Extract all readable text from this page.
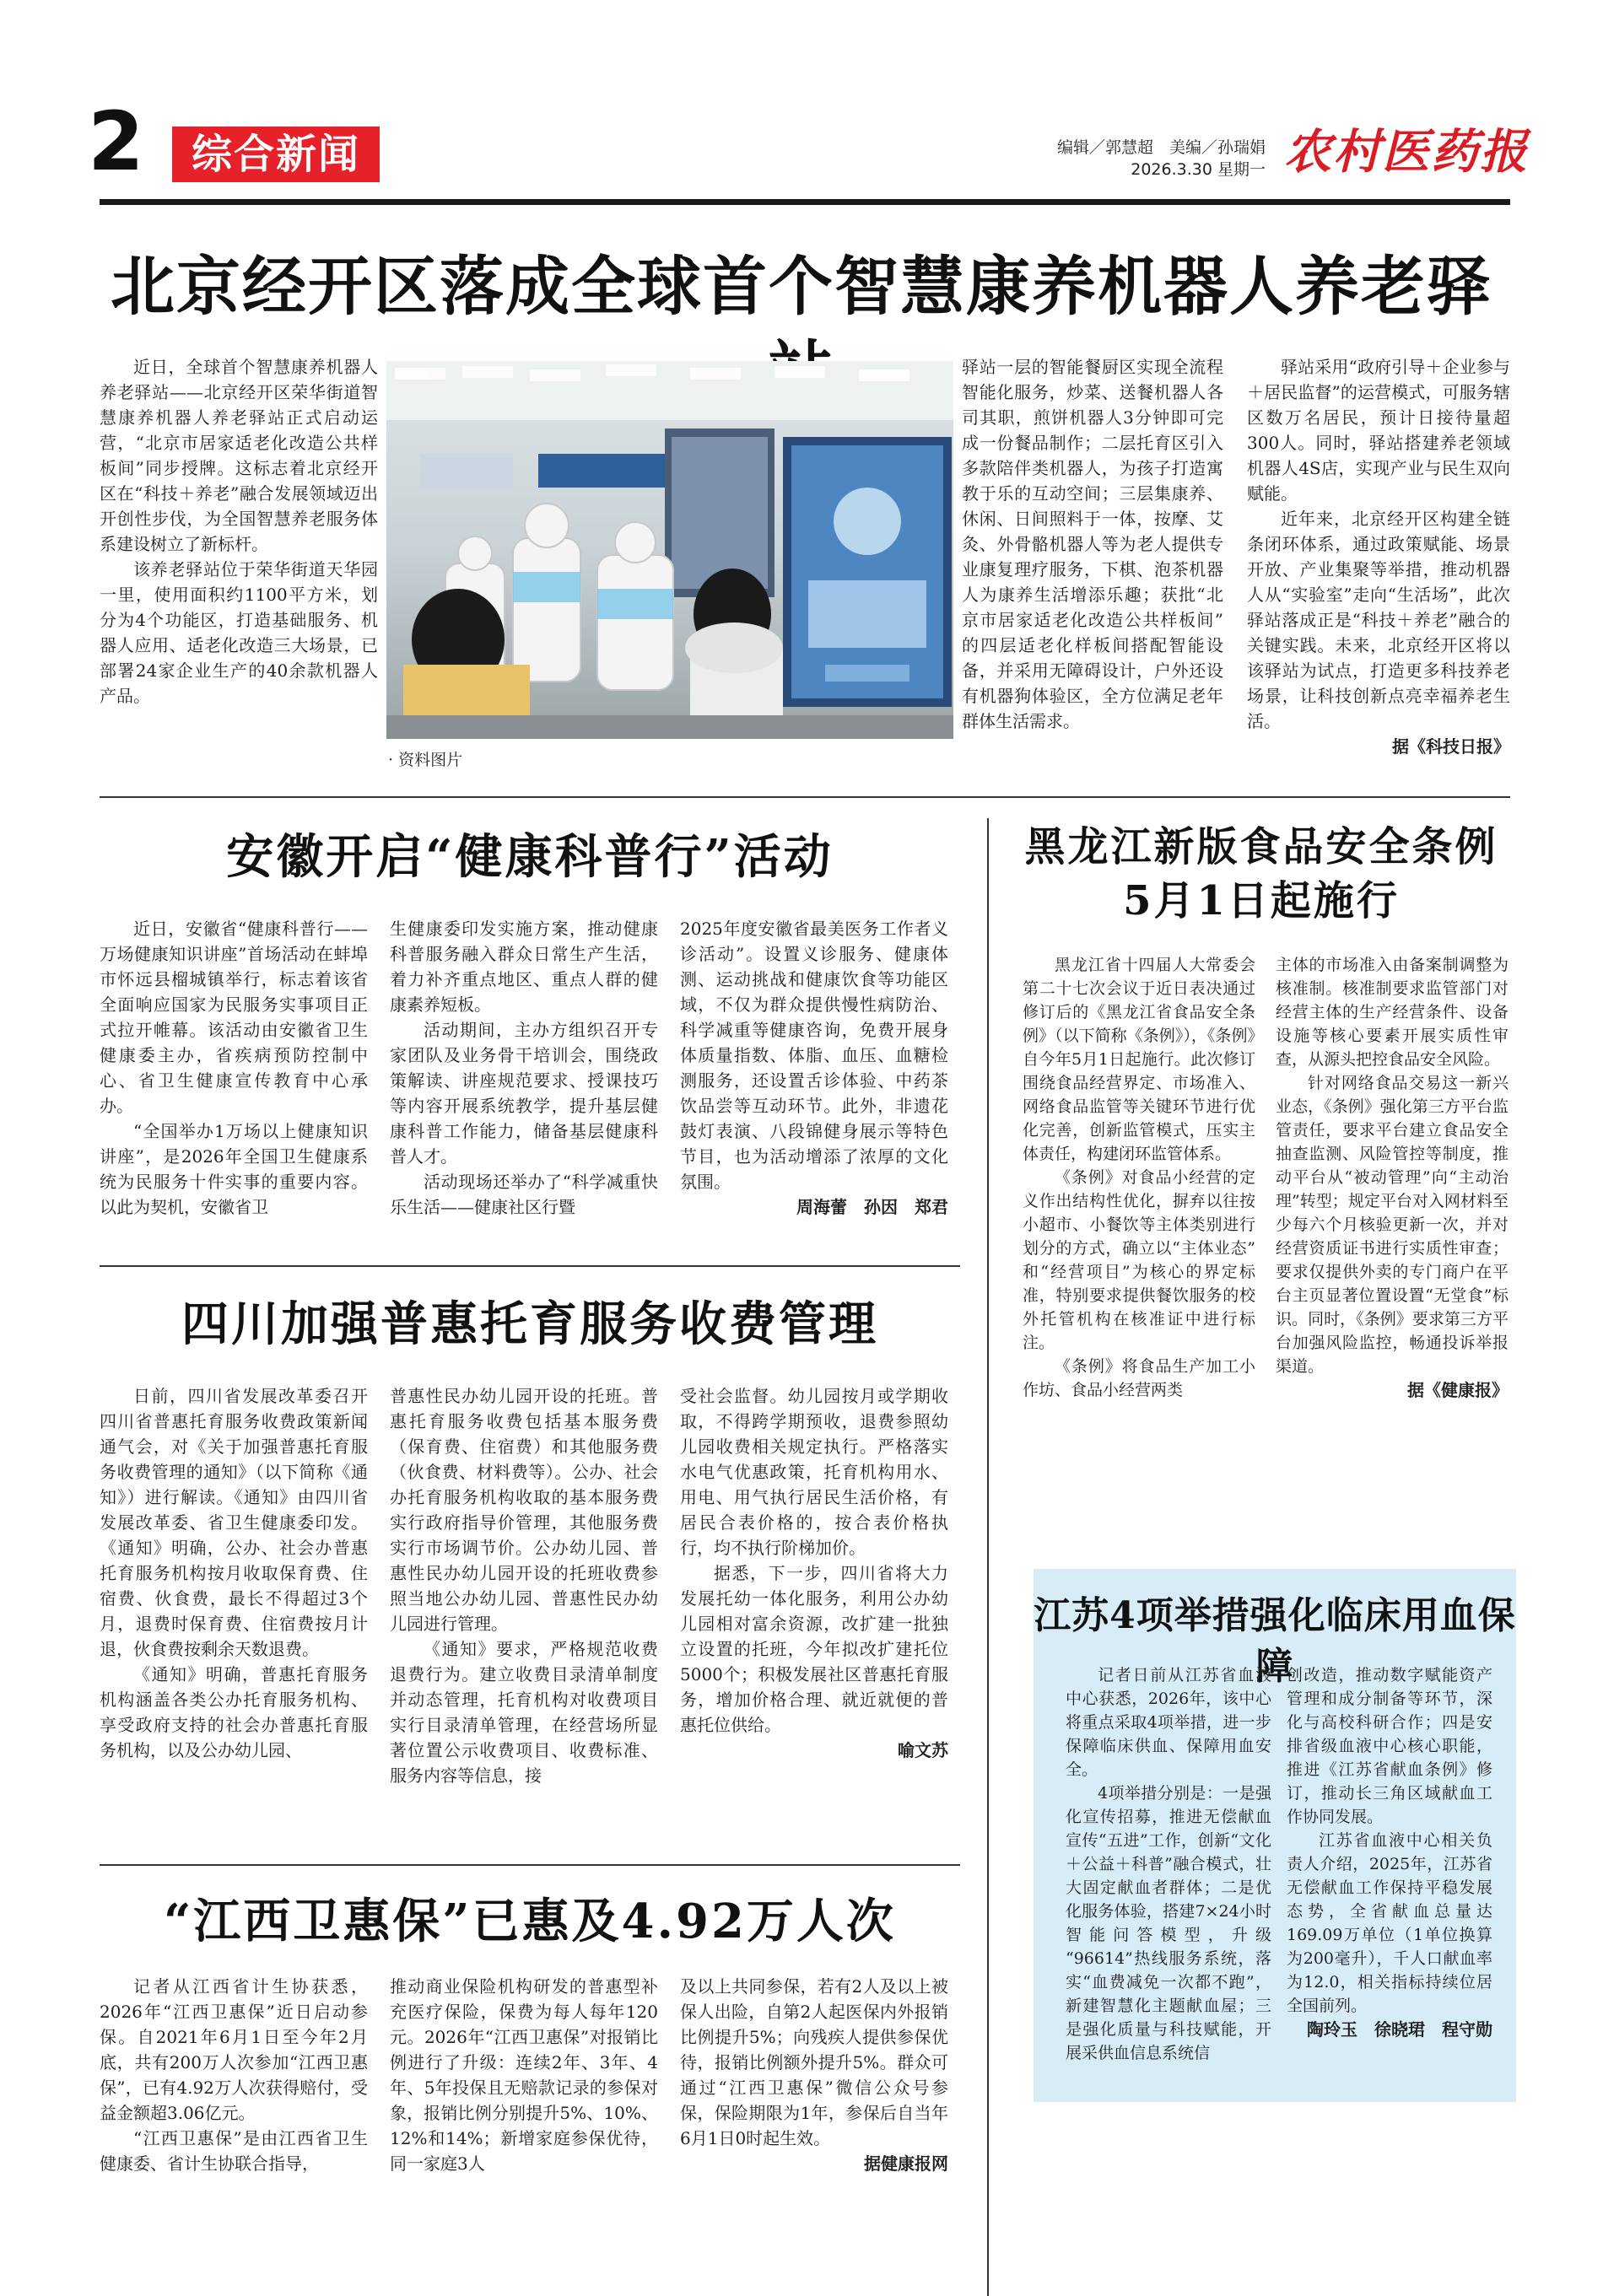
2	综合新闻	编辑／郭慧超　美编／孙瑞娟
2026.3.30 星期一 农村医药报
北京经开区落成全球首个智慧康养机器人养老驿

近日，全球首个智慧康养机器人养老驿站——北京经开区荣华街道智慧康养机器人养老驿站正式启动运营，“北京市居家适老化改造公共样板间”同步授牌。这标志着北京经开区在“科技＋养老”融合发展领域迈出开创性步伐，为全国智慧养老服务体系建设树立了新标杆。

该养老驿站位于荣华街道天华园一里，使用面积约1100平方米，划分为4个功能区，打造基础服务、机器人应用、适老化改造三大场景，已部署24家企业生产的40余款机器人产品。

· 资料图片

驿站一层的智能餐厨区实现全流程智能化服务，炒菜、送餐机器人各司其职，煎饼机器人3分钟即可完成一份餐品制作；二层托育区引入多款陪伴类机器人，为孩子打造寓教于乐的互动空间；三层集康养、休闲、日间照料于一体，按摩、艾灸、外骨骼机器人等为老人提供专业康复理疗服务，下棋、泡茶机器人为康养生活增添乐趣；获批“北京市居家适老化改造公共样板间”的四层适老化样板间搭配智能设备，并采用无障碍设计，户外还设有机器狗体验区，全方位满足老年群体生活需求。

驿站采用“政府引导＋企业参与＋居民监督”的运营模式，可服务辖区数万名居民，预计日接待量超300人。同时，驿站搭建养老领域机器人4S店，实现产业与民生双向赋能。

近年来，北京经开区构建全链条闭环体系，通过政策赋能、场景开放、产业集聚等举措，推动机器人从“实验室”走向“生活场”，此次驿站落成正是“科技＋养老”融合的关键实践。未来，北京经开区将以该驿站为试点，打造更多科技养老场景，让科技创新点亮幸福养老生活。

据《科技日报》

安徽开启“健康科普行”活动

近日，安徽省“健康科普行——万场健康知识讲座”首场活动在蚌埠市怀远县榴城镇举行，标志着该省全面响应国家为民服务实事项目正式拉开帷幕。该活动由安徽省卫生健康委主办，省疾病预防控制中心、省卫生健康宣传教育中心承办。

“全国举办1万场以上健康知识讲座”，是2026年全国卫生健康系统为民服务十件实事的重要内容。以此为契机，安徽省卫

生健康委印发实施方案，推动健康科普服务融入群众日常生产生活，着力补齐重点地区、重点人群的健康素养短板。

活动期间，主办方组织召开专家团队及业务骨干培训会，围绕政策解读、讲座规范要求、授课技巧等内容开展系统教学，提升基层健康科普工作能力，储备基层健康科普人才。

活动现场还举办了“科学减重快乐生活——健康社区行暨

2025年度安徽省最美医务工作者义诊活动”。设置义诊服务、健康体测、运动挑战和健康饮食等功能区域，不仅为群众提供慢性病防治、科学减重等健康咨询，免费开展身体质量指数、体脂、血压、血糖检测服务，还设置舌诊体验、中药茶饮品尝等互动环节。此外，非遗花鼓灯表演、八段锦健身展示等特色节目，也为活动增添了浓厚的文化氛围。

周海蕾　孙因　郑君

四川加强普惠托育服务收费管理

日前，四川省发展改革委召开四川省普惠托育服务收费政策新闻通气会，对《关于加强普惠托育服务收费管理的通知》（以下简称《通知》）进行解读。《通知》由四川省发展改革委、省卫生健康委印发。《通知》明确，公办、社会办普惠托育服务机构按月收取保育费、住宿费、伙食费，最长不得超过3个月，退费时保育费、住宿费按月计退，伙食费按剩余天数退费。

《通知》明确，普惠托育服务机构涵盖各类公办托育服务机构、享受政府支持的社会办普惠托育服务机构，以及公办幼儿园、

普惠性民办幼儿园开设的托班。普惠托育服务收费包括基本服务费（保育费、住宿费）和其他服务费（伙食费、材料费等）。公办、社会办托育服务机构收取的基本服务费实行政府指导价管理，其他服务费实行市场调节价。公办幼儿园、普惠性民办幼儿园开设的托班收费参照当地公办幼儿园、普惠性民办幼儿园进行管理。

《通知》要求，严格规范收费退费行为。建立收费目录清单制度并动态管理，托育机构对收费项目实行目录清单管理，在经营场所显著位置公示收费项目、收费标准、服务内容等信息，接

受社会监督。幼儿园按月或学期收取，不得跨学期预收，退费参照幼儿园收费相关规定执行。严格落实水电气优惠政策，托育机构用水、用电、用气执行居民生活价格，有居民合表价格的，按合表价格执行，均不执行阶梯加价。

据悉，下一步，四川省将大力发展托幼一体化服务，利用公办幼儿园相对富余资源，改扩建一批独立设置的托班，今年拟改扩建托位5000个；积极发展社区普惠托育服务，增加价格合理、就近就便的普惠托位供给。

喻文苏

“江西卫惠保”已惠及4.92万人次

记者从江西省计生协获悉，2026年“江西卫惠保”近日启动参保。自2021年6月1日至今年2月底，共有200万人次参加“江西卫惠保”，已有4.92万人次获得赔付，受益金额超3.06亿元。

“江西卫惠保”是由江西省卫生健康委、省计生协联合指导，

推动商业保险机构研发的普惠型补充医疗保险，保费为每人每年120元。2026年“江西卫惠保”对报销比例进行了升级：连续2年、3年、4年、5年投保且无赔款记录的参保对象，报销比例分别提升5%、10%、12%和14%；新增家庭参保优待，同一家庭3人

及以上共同参保，若有2人及以上被保人出险，自第2人起医保内外报销比例提升5%；向残疾人提供参保优待，报销比例额外提升5%。群众可通过“江西卫惠保”微信公众号参保，保险期限为1年，参保后自当年6月1日0时起生效。

据健康报网

黑龙江新版食品安全条例
5月1日起施行

黑龙江省十四届人大常委会第二十七次会议于近日表决通过修订后的《黑龙江省食品安全条例》（以下简称《条例》），《条例》自今年5月1日起施行。此次修订围绕食品经营界定、市场准入、网络食品监管等关键环节进行优化完善，创新监管模式，压实主体责任，构建闭环监管体系。

《条例》对食品小经营的定义作出结构性优化，摒弃以往按小超市、小餐饮等主体类别进行划分的方式，确立以“主体业态”和“经营项目”为核心的界定标准，特别要求提供餐饮服务的校外托管机构在核准证中进行标注。

《条例》将食品生产加工小作坊、食品小经营两类

主体的市场准入由备案制调整为核准制。核准制要求监管部门对经营主体的生产经营条件、设备设施等核心要素开展实质性审查，从源头把控食品安全风险。

针对网络食品交易这一新兴业态，《条例》强化第三方平台监管责任，要求平台建立食品安全抽查监测、风险管控等制度，推动平台从“被动管理”向“主动治理”转型；规定平台对入网材料至少每六个月核验更新一次，并对经营资质证书进行实质性审查；要求仅提供外卖的专门商户在平台主页显著位置设置“无堂食”标识。同时，《条例》要求第三方平台加强风险监控，畅通投诉举报渠道。

据《健康报》

江苏4项举措强化临床用血保障

记者日前从江苏省血液中心获悉，2026年，该中心将重点采取4项举措，进一步保障临床供血、保障用血安全。

4项举措分别是：一是强化宣传招募，推进无偿献血宣传“五进”工作，创新“文化＋公益＋科普”融合模式，壮大固定献血者群体；二是优化服务体验，搭建7×24小时智能问答模型，升级“96614”热线服务系统，落实“血费减免一次都不跑”，新建智慧化主题献血屋；三是强化质量与科技赋能，开展采供血信息系统信

创改造，推动数字赋能资产管理和成分制备等环节，深化与高校科研合作；四是安排省级血液中心核心职能，推进《江苏省献血条例》修订，推动长三角区域献血工作协同发展。

江苏省血液中心相关负责人介绍，2025年，江苏省无偿献血工作保持平稳发展态势，全省献血总量达169.09万单位（1单位换算为200毫升），千人口献血率为12.0，相关指标持续位居全国前列。

陶玲玉　徐晓珺　程守勋
